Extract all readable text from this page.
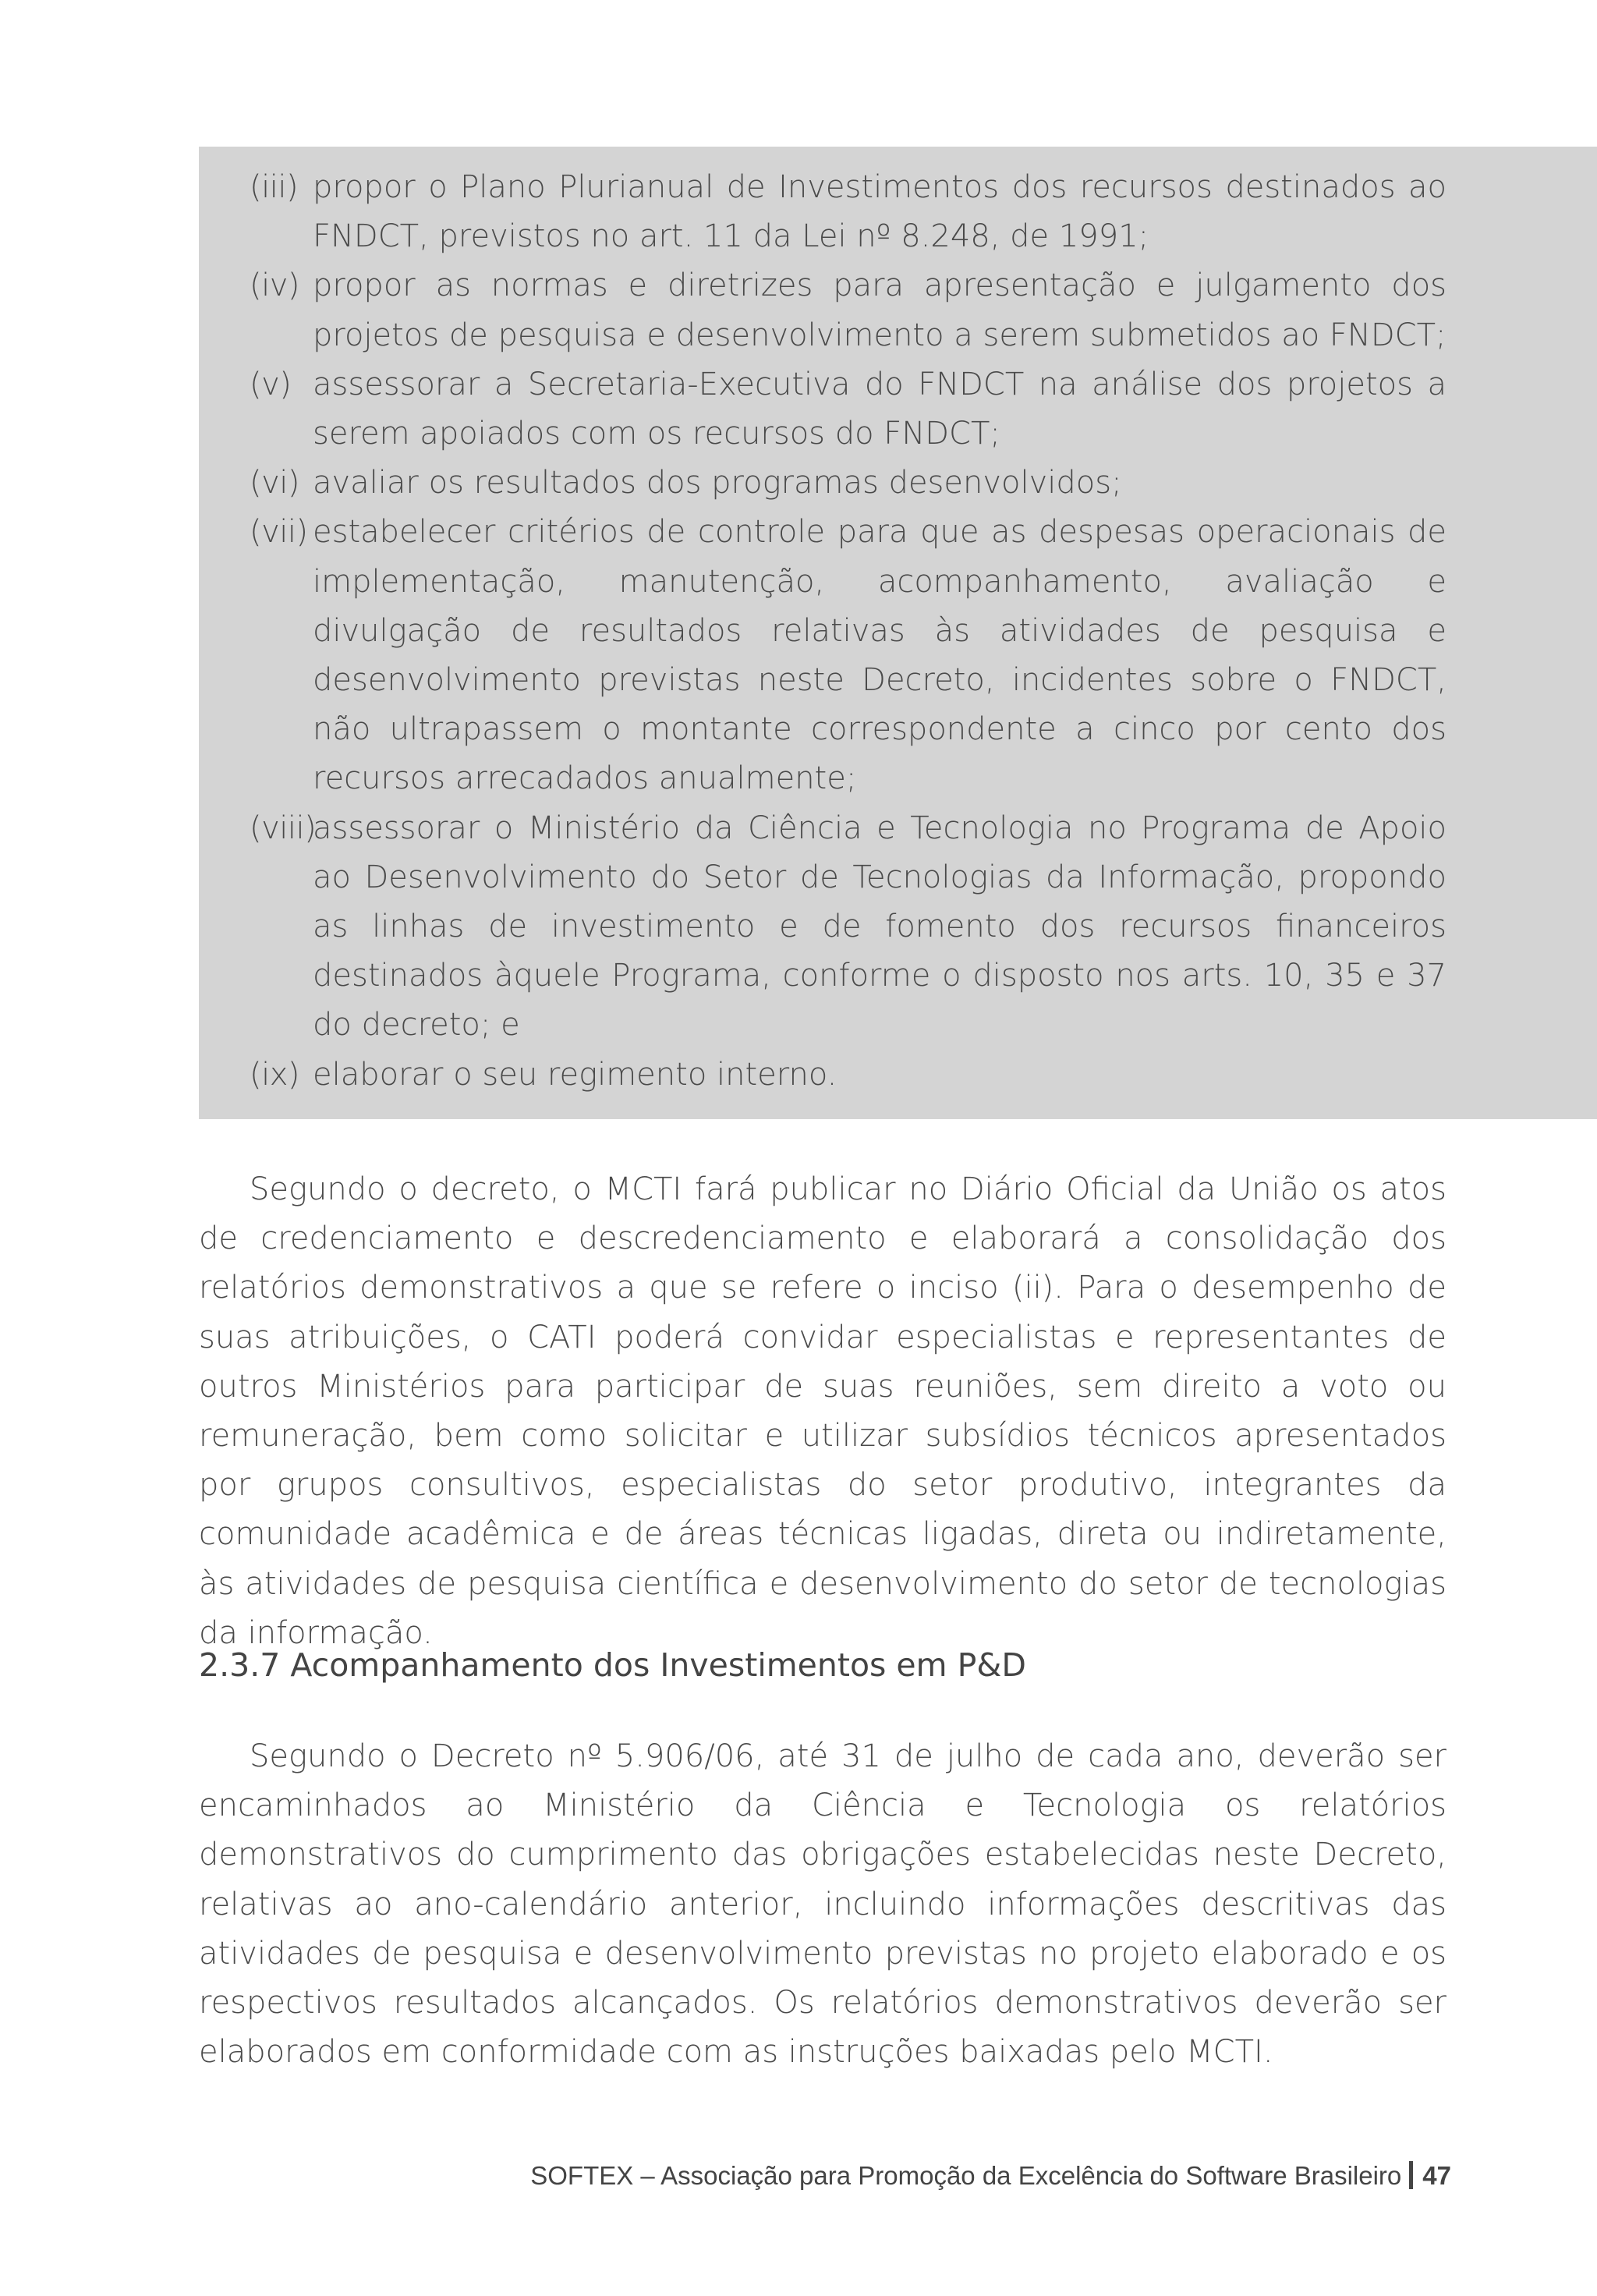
(iii) propor o Plano Plurianual de Investimentos dos recursos destinados ao FNDCT, previstos no art. 11 da Lei nº 8.248, de 1991;
(iv) propor as normas e diretrizes para apresentação e julgamento dos projetos de pesquisa e desenvolvimento a serem submetidos ao FNDCT;
(v) assessorar a Secretaria-Executiva do FNDCT na análise dos projetos a serem apoiados com os recursos do FNDCT;
(vi) avaliar os resultados dos programas desenvolvidos;
(vii) estabelecer critérios de controle para que as despesas operacionais de implementação, manutenção, acompanhamento, avaliação e divulgação de resultados relativas às atividades de pesquisa e desenvolvimento previstas neste Decreto, incidentes sobre o FNDCT, não ultrapassem o montante correspondente a cinco por cento dos recursos arrecadados anualmente;
(viii)
assessorar o Ministério da Ciência e Tecnologia no Programa de Apoio ao Desenvolvimento do Setor de Tecnologias da Informação, propondo as linhas de investimento e de fomento dos recursos financeiros destinados àquele Programa, conforme o disposto nos arts. 10, 35 e 37 do decreto; e
(ix) elaborar o seu regimento interno.

Segundo o decreto, o MCTI fará publicar no Diário Oficial da União os atos de credenciamento e descredenciamento e elaborará a consolidação dos relatórios demonstrativos a que se refere o inciso (ii). Para o desempenho de suas atribuições, o CATI poderá convidar especialistas e representantes de outros Ministérios para participar de suas reuniões, sem direito a voto ou remuneração, bem como solicitar e utilizar subsídios técnicos apresentados por grupos consultivos, especialistas do setor produtivo, integrantes da comunidade acadêmica e de áreas técnicas ligadas, direta ou indiretamente, às atividades de pesquisa científica e desenvolvimento do setor de tecnologias da informação.

2.3.7 Acompanhamento dos Investimentos em P&D

Segundo o Decreto nº 5.906/06, até 31 de julho de cada ano, deverão ser encaminhados ao Ministério da Ciência e Tecnologia os relatórios demonstrativos do cumprimento das obrigações estabelecidas neste Decreto, relativas ao ano-calendário anterior, incluindo informações descritivas das atividades de pesquisa e desenvolvimento previstas no projeto elaborado e os respectivos resultados alcançados. Os relatórios demonstrativos deverão ser elaborados em conformidade com as instruções baixadas pelo MCTI.

SOFTEX – Associação para Promoção da Excelência do Software Brasileiro 47
